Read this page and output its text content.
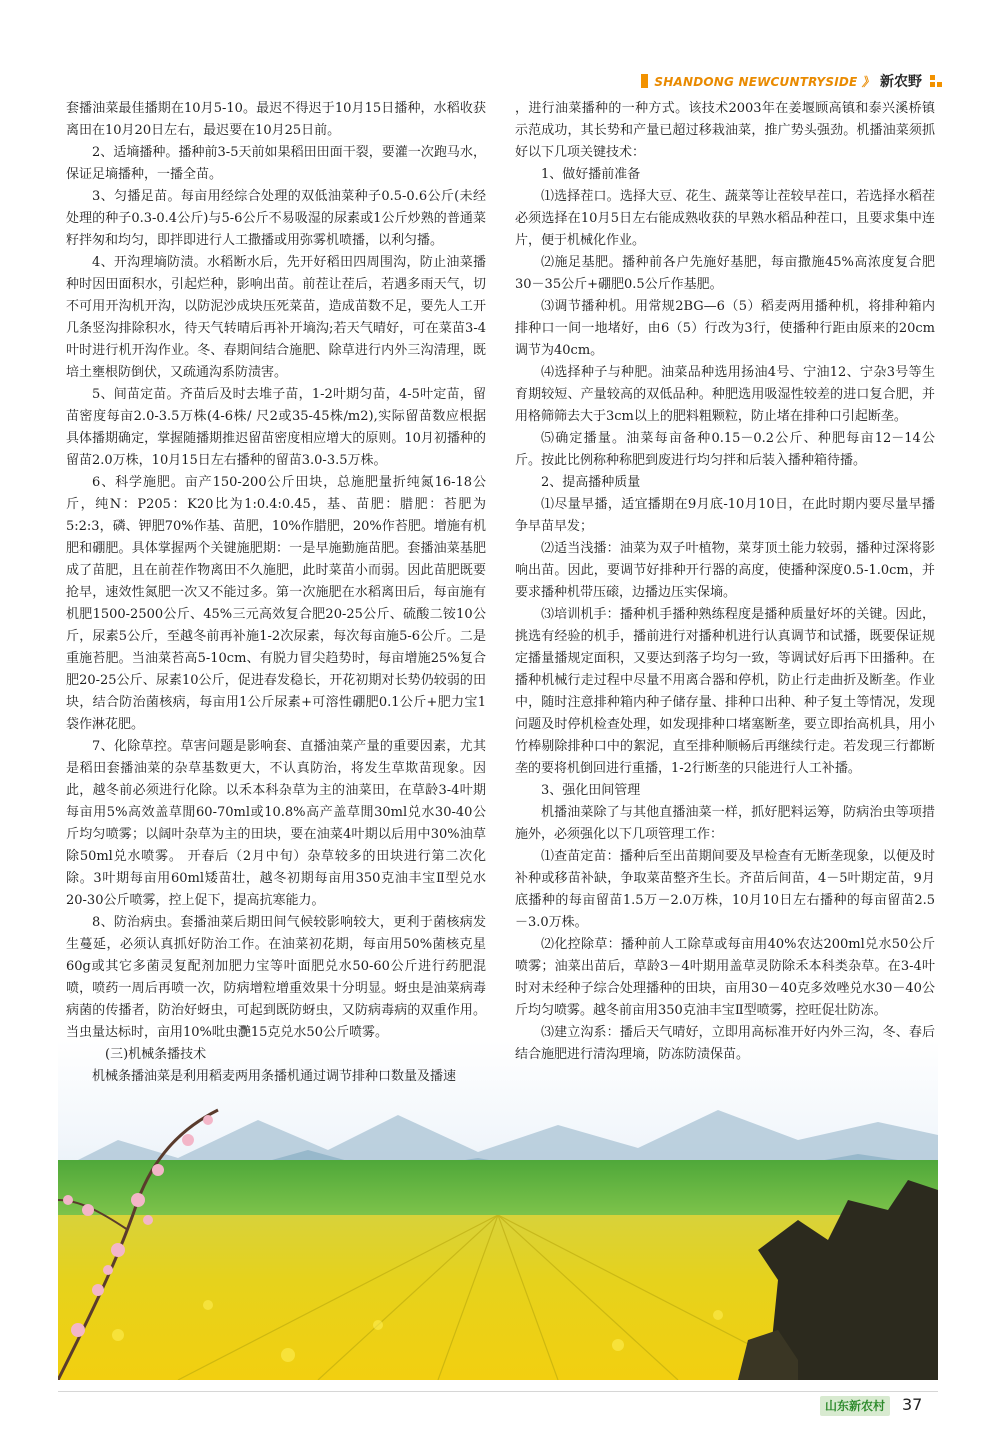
SHANDONG NEWCUNTRYSIDE 》 新农野

套播油菜最佳播期在10月5-10。最迟不得迟于10月15日播种，水稻收获离田在10月20日左右，最迟要在10月25日前。

2、适墒播种。播种前3-5天前如果稻田田面干裂，要灌一次跑马水，保证足墒播种，一播全苗。

3、匀播足苗。每亩用经综合处理的双低油菜种子0.5-0.6公斤(未经处理的种子0.3-0.4公斤)与5-6公斤不易吸湿的尿素或1公斤炒熟的普通菜籽拌匆和均匀，即拌即进行人工撒播或用弥雾机喷播，以利匀播。

4、开沟理墒防渍。水稻断水后，先开好稻田四周围沟，防止油菜播种时因田面积水，引起烂种，影响出苗。前茬让茬后，若遇多雨天气，切不可用开沟机开沟，以防泥沙成块压死菜苗，造成苗数不足，要先人工开几条竖沟排除积水，待天气转晴后再补开墒沟;若天气晴好，可在菜苗3-4叶时进行机开沟作业。冬、春期间结合施肥、除草进行内外三沟清理，既培土壅根防倒伏，又疏通沟系防渍害。

5、间苗定苗。齐苗后及时去堆子苗，1-2叶期匀苗，4-5叶定苗，留苗密度每亩2.0-3.5万株(4-6株/ 尺2或35-45株/m2),实际留苗数应根据具体播期确定，掌握随播期推迟留苗密度相应增大的原则。10月初播种的留苗2.0万株，10月15日左右播种的留苗3.0-3.5万株。

6、科学施肥。亩产150-200公斤田块，总施肥量折纯氮16-18公斤，纯N：P205：K20比为1:0.4:0.45，基、苗肥：腊肥：苔肥为5:2:3，磷、钾肥70%作基、苗肥，10%作腊肥，20%作苔肥。增施有机肥和硼肥。具体掌握两个关键施肥期：一是早施勤施苗肥。套播油菜基肥成了苗肥，且在前茬作物离田不久施肥，此时菜苗小而弱。因此苗肥既要抢早，速效性氮肥一次又不能过多。第一次施肥在水稻离田后，每亩施有机肥1500-2500公斤、45%三元高效复合肥20-25公斤、硫酸二铵10公斤，尿素5公斤，至越冬前再补施1-2次尿素，每次每亩施5-6公斤。二是重施苔肥。当油菜苔高5-10cm、有脱力冒尖趋势时，每亩增施25%复合肥20-25公斤、尿素10公斤，促进春发稳长，开花初期对长势仍较弱的田块，结合防治菌核病，每亩用1公斤尿素+可溶性硼肥0.1公斤+肥力宝1袋作淋花肥。

7、化除草控。草害问题是影响套、直播油菜产量的重要因素，尤其是稻田套播油菜的杂草基数更大，不认真防治，将发生草欺苗现象。因此，越冬前必须进行化除。以禾本科杂草为主的油菜田，在草龄3-4叶期每亩用5%高效盖草閒60-70ml或10.8%高产盖草閒30ml兑水30-40公斤均匀喷雾；以阔叶杂草为主的田块，要在油菜4叶期以后用中30%油草除50ml兑水喷雾。 开春后（2月中旬）杂草较多的田块进行第二次化除。3叶期每亩用60ml矮苗壮，越冬初期每亩用350克油丰宝Ⅱ型兑水20-30公斤喷雾，控上促下，提高抗寒能力。

8、防治病虫。套播油菜后期田间气候较影响较大，更利于菌核病发生蔓延，必须认真抓好防治工作。在油菜初花期，每亩用50%菌核克星60g或其它多菌灵复配剂加肥力宝等叶面肥兑水50-60公斤进行药肥混喷，喷药一周后再喷一次，防病增粒增重效果十分明显。蚜虫是油菜病毒病菌的传播者，防治好蚜虫，可起到既防蚜虫，又防病毒病的双重作用。当虫量达标时，亩用10%吡虫灧15克兑水50公斤喷雾。

(三)机械条播技术

机械条播油菜是利用稻麦两用条播机通过调节排种口数量及播速

，进行油菜播种的一种方式。该技术2003年在姜堰顾高镇和泰兴溪桥镇示范成功，其长势和产量已超过移栽油菜，推广势头强劲。机播油菜须抓好以下几项关键技术：

1、做好播前准备

⑴选择茬口。选择大豆、花生、蔬菜等让茬较早茬口，若选择水稻茬必须选择在10月5日左右能成熟收获的早熟水稻品种茬口，且要求集中连片，便于机械化作业。

⑵施足基肥。播种前各户先施好基肥，每亩撒施45%高浓度复合肥30－35公斤+硼肥0.5公斤作基肥。

⑶调节播种机。用常规2BG—6（5）稻麦两用播种机，将排种箱内排种口一间一地堵好，由6（5）行改为3行，使播种行距由原来的20cm调节为40cm。

⑷选择种子与种肥。油菜品种选用扬油4号、宁油12、宁杂3号等生育期较短、产量较高的双低品种。种肥选用吸湿性较差的进口复合肥，并用格筛筛去大于3cm以上的肥料粗颗粒，防止堵在排种口引起断垄。

⑸确定播量。油菜每亩备种0.15－0.2公斤、种肥每亩12－14公斤。按此比例称种称肥到废进行均匀拌和后装入播种箱待播。

2、提高播种质量

⑴尽量早播，适宜播期在9月底-10月10日，在此时期内要尽量早播争早苗早发；

⑵适当浅播：油菜为双子叶植物，菜芽顶土能力较弱，播种过深将影响出苗。因此，要调节好排种开行器的高度，使播种深度0.5-1.0cm，并要求播种机带压磙，边播边压实保墒。

⑶培训机手：播种机手播种熟练程度是播种质量好坏的关键。因此，挑选有经验的机手，播前进行对播种机进行认真调节和试播，既要保证规定播量播规定面积，又要达到落子均匀一致，等调试好后再下田播种。在播种机械行走过程中尽量不用离合器和停机，防止行走曲折及断垄。作业中，随时注意排种箱内种子储存量、排种口出种、种子复土等情况，发现问题及时停机检查处理，如发现排种口堵塞断垄，要立即抬高机具，用小竹棒剔除排种口中的絮泥，直至排种顺畅后再继续行走。若发现三行都断垄的要将机倒回进行重播，1-2行断垄的只能进行人工补播。

3、强化田间管理

机播油菜除了与其他直播油菜一样，抓好肥料运筹，防病治虫等项措施外，必须强化以下几项管理工作：

⑴查苗定苗：播种后至出苗期间要及早检查有无断垄现象，以便及时补种或移苗补缺，争取菜苗整齐生长。齐苗后间苗，4－5叶期定苗，9月底播种的每亩留苗1.5万－2.0万株，10月10日左右播种的每亩留苗2.5－3.0万株。

⑵化控除草：播种前人工除草或每亩用40%农达200ml兑水50公斤喷雾；油菜出苗后，草龄3－4叶期用盖草灵防除禾本科类杂草。在3-4叶时对未经种子综合处理播种的田块，亩用30－40克多效唑兑水30－40公斤均匀喷雾。越冬前亩用350克油丰宝Ⅱ型喷雾，控旺促壮防冻。

⑶建立沟系：播后天气晴好，立即用高标准开好内外三沟，冬、春后结合施肥进行清沟理墒，防冻防渍保苗。

山东新农村	37
